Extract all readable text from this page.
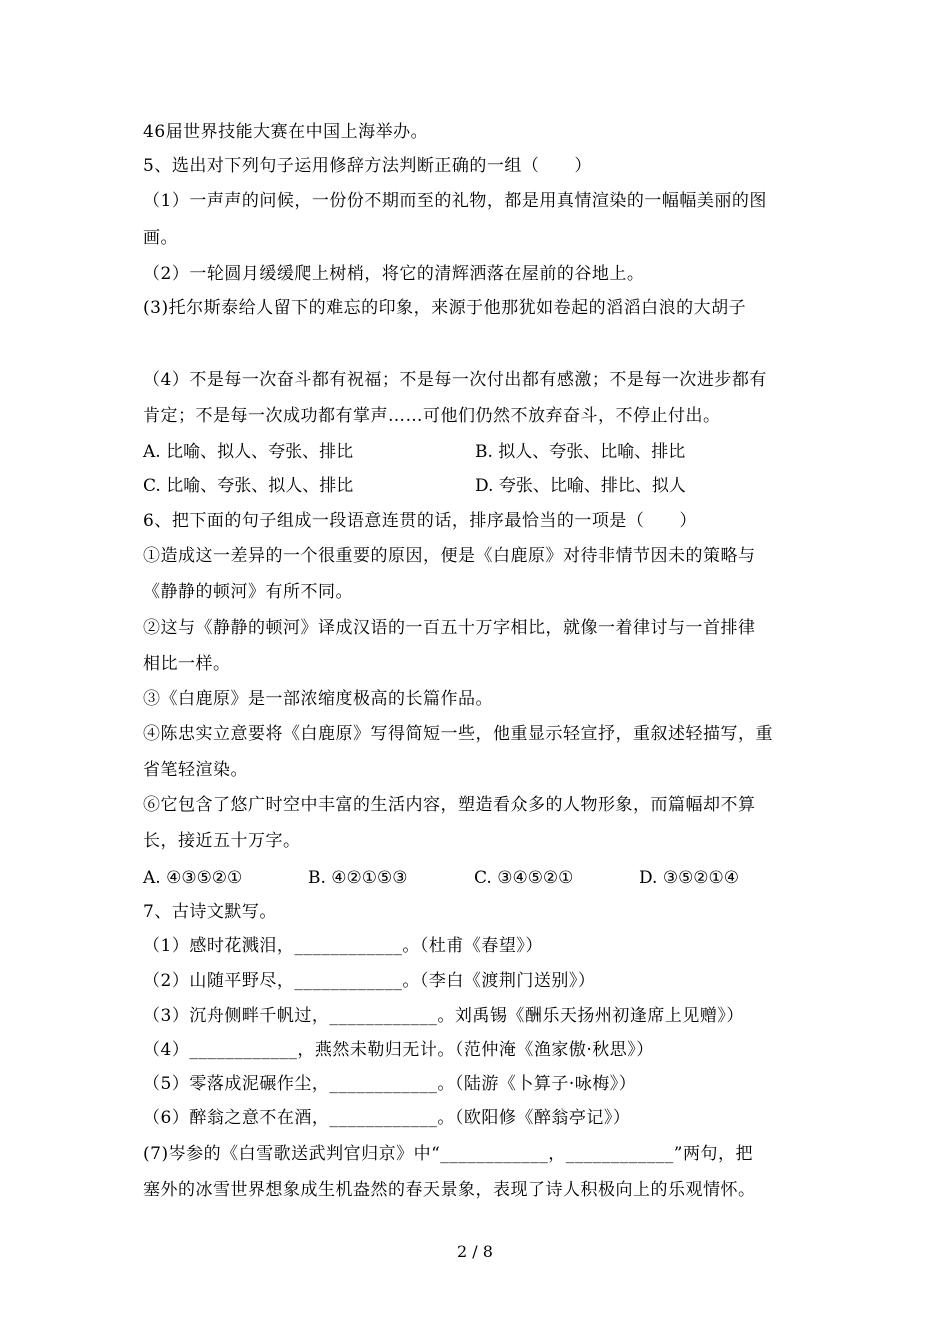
46届世界技能大赛在中国上海举办。
5、选出对下列句子运用修辞方法判断正确的一组（　　）
（1）一声声的问候，一份份不期而至的礼物，都是用真情渲染的一幅幅美丽的图
画。
（2）一轮圆月缓缓爬上树梢，将它的清辉洒落在屋前的谷地上。
(3)托尔斯泰给人留下的难忘的印象，来源于他那犹如卷起的滔滔白浪的大胡子
（4）不是每一次奋斗都有祝福；不是每一次付出都有感激；不是每一次进步都有
肯定；不是每一次成功都有掌声……可他们仍然不放弃奋斗，不停止付出。
A. 比喻、拟人、夸张、排比	B. 拟人、夸张、比喻、排比
C. 比喻、夸张、拟人、排比	D. 夸张、比喻、排比、拟人
6、把下面的句子组成一段语意连贯的话，排序最恰当的一项是（　　）
①造成这一差异的一个很重要的原因，便是《白鹿原》对待非情节因未的策略与
《静静的顿河》有所不同。
②这与《静静的顿河》译成汉语的一百五十万字相比，就像一着律讨与一首排律
相比一样。
③《白鹿原》是一部浓缩度极高的长篇作品。
④陈忠实立意要将《白鹿原》写得简短一些，他重显示轻宣抒，重叙述轻描写，重
省笔轻渲染。
⑥它包含了悠广时空中丰富的生活内容，塑造看众多的人物形象，而篇幅却不算
长，接近五十万字。
A. ④③⑤②①	B. ④②①⑤③	C. ③④⑤②①	D. ③⑤②①④
7、古诗文默写。
（1）感时花溅泪，____________。（杜甫《春望》）
（2）山随平野尽，____________。（李白《渡荆门送别》）
（3）沉舟侧畔千帆过，____________。刘禹锡《酬乐天扬州初逢席上见赠》）
（4）____________，燕然未勒归无计。（范仲淹《渔家傲·秋思》）
（5）零落成泥碾作尘，____________。（陆游《卜算子·咏梅》）
（6）醉翁之意不在酒，____________。（欧阳修《醉翁亭记》）
(7)岑参的《白雪歌送武判官归京》中“____________，____________”两句，把
塞外的冰雪世界想象成生机盎然的春天景象，表现了诗人积极向上的乐观情怀。
2 / 8
